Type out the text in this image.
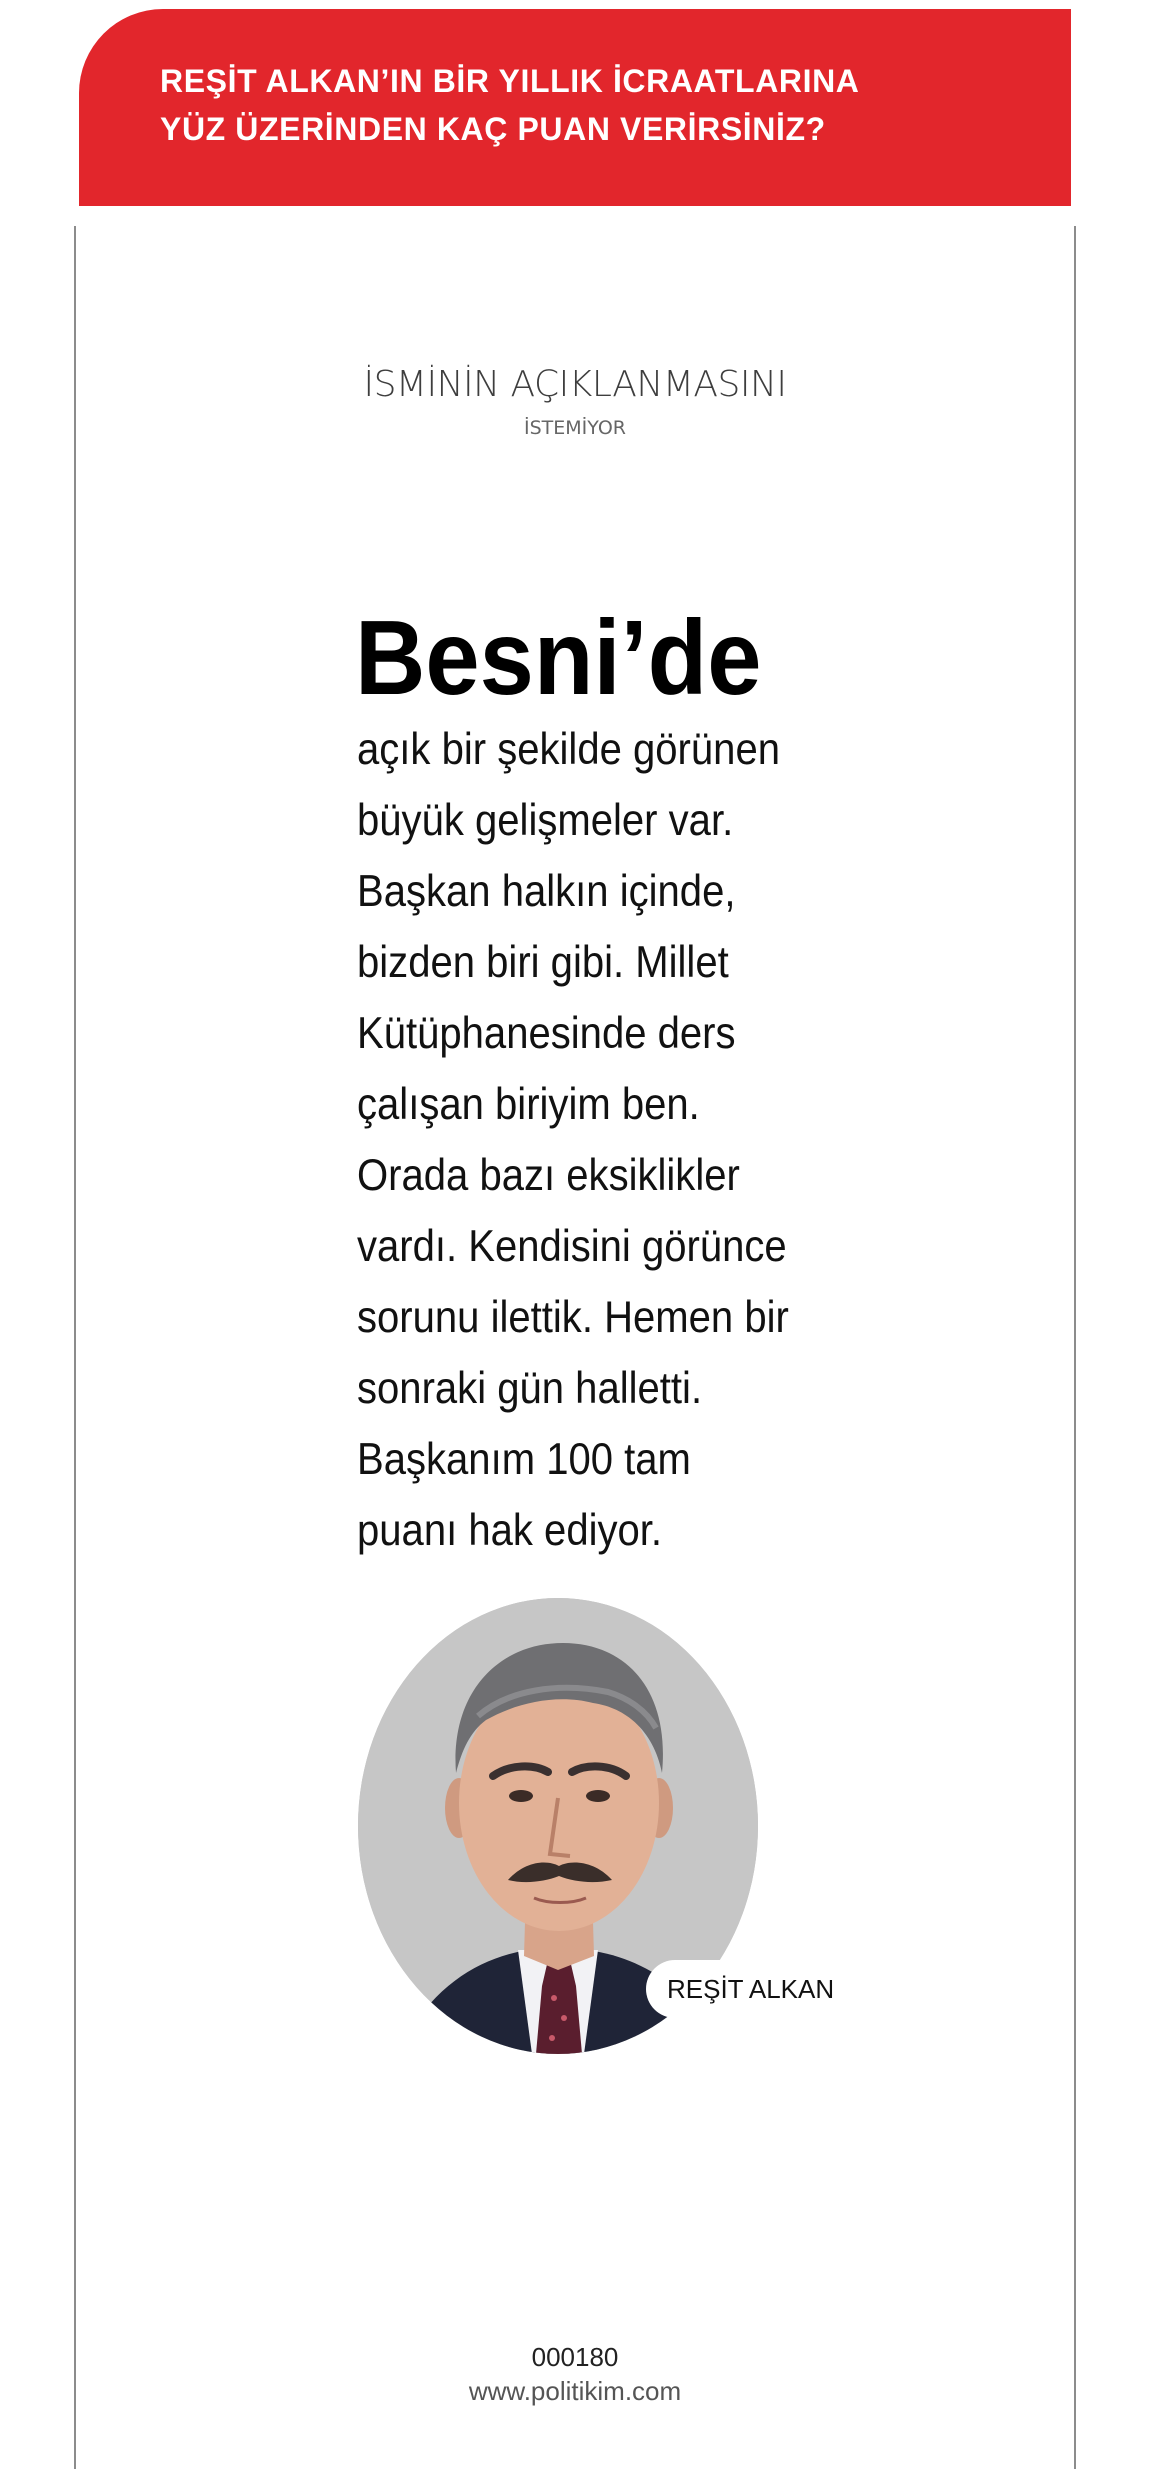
REŞİT ALKAN’IN BİR YILLIK İCRAATLARINA
YÜZ ÜZERİNDEN KAÇ PUAN VERİRSİNİZ?
İSMİNİN AÇIKLANMASINI
İSTEMİYOR
Besni’de
açık bir şekilde görünen
büyük gelişmeler var.
Başkan halkın içinde,
bizden biri gibi. Millet
Kütüphanesinde ders
çalışan biriyim ben.
Orada bazı eksiklikler
vardı. Kendisini görünce
sorunu ilettik. Hemen bir
sonraki gün halletti.
Başkanım 100 tam
puanı hak ediyor.
REŞİT ALKAN
000180
www.politikim.com
